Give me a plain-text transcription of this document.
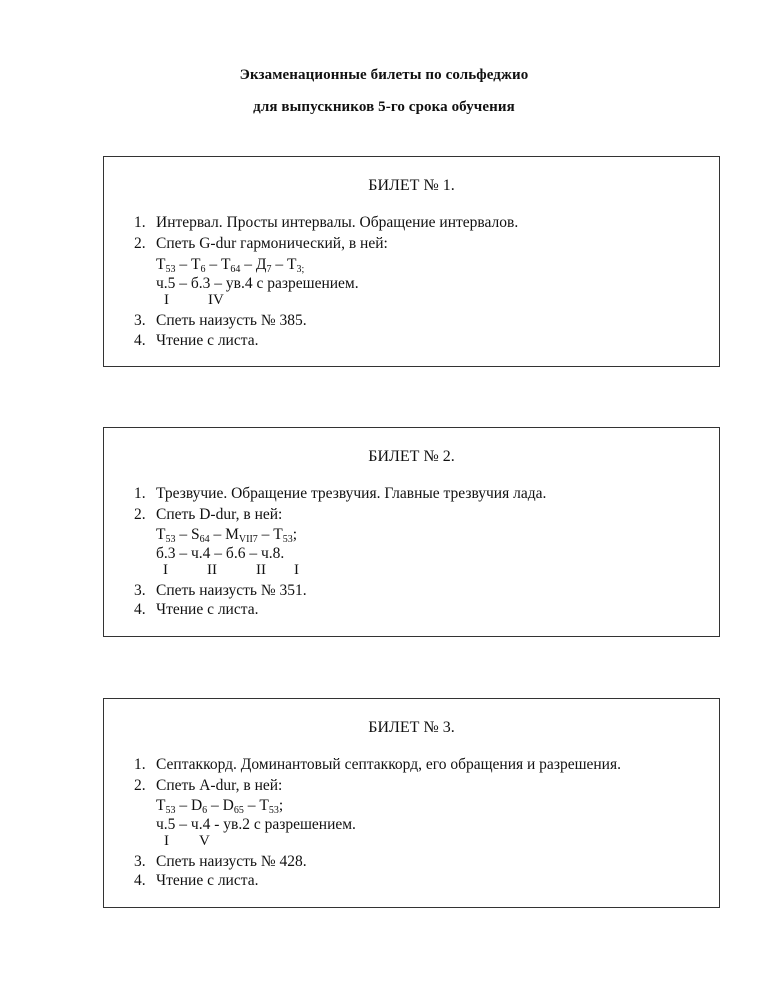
Экзаменационные билеты по сольфеджио
для выпускников 5-го срока обучения
БИЛЕТ № 1.
1. Интервал. Просты интервалы. Обращение интервалов.
2. Спеть G-dur гармонический, в ней:
$Т_{53} - Т_6 - Т_{64} - Д_7 - Т_{3;}$
ч.5 – б.3 – ув.4 с разрешением.
I	IV
3. Спеть наизусть № 385.
4. Чтение с листа.
БИЛЕТ № 2.
1. Трезвучие. Обращение трезвучия. Главные трезвучия лада.
2. Спеть D-dur, в ней:
$Т_{53} - S_{64} - M_{VII7} - Т_{53}$;
б.3 – ч.4 – б.6 – ч.8.
I	II	II I
3. Спеть наизусть № 351.
4. Чтение с листа.
БИЛЕТ № 3.
1. Септаккорд. Доминантовый септаккорд, его обращения и разрешения.
2. Спеть A-dur, в ней:
$Т_{53} - D_6 - D_{65} - Т_{53}$;
ч.5 – ч.4 - ув.2 с разрешением.
I V
3. Спеть наизусть № 428.
4. Чтение с листа.
